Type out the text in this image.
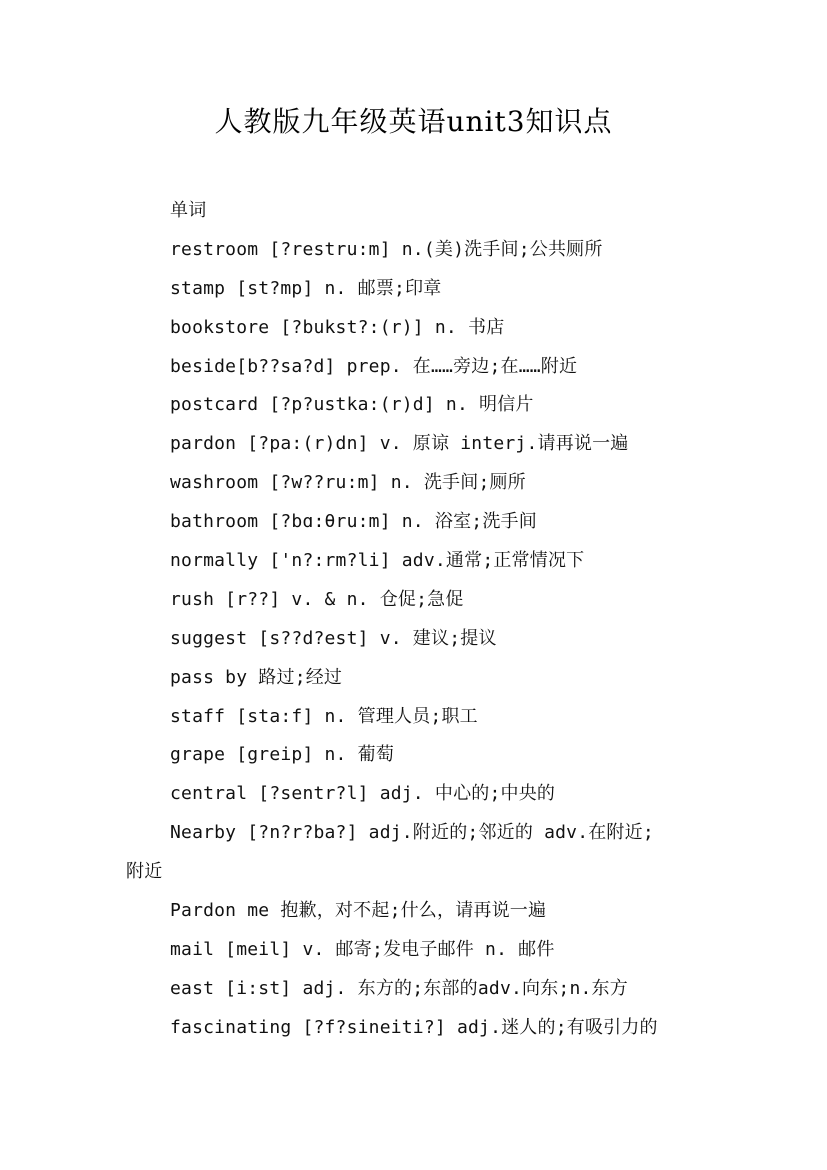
人教版九年级英语unit3知识点
单词
restroom [?restru:m] n.(美)洗手间;公共厕所
stamp [st?mp] n. 邮票;印章
bookstore [?bukst?:(r)] n. 书店
beside[b??sa?d] prep. 在……旁边;在……附近
postcard [?p?ustka:(r)d] n. 明信片
pardon [?pa:(r)dn] v. 原谅 interj.请再说一遍
washroom [?w??ru:m] n. 洗手间;厕所
bathroom [?bɑ:θru:m] n. 浴室;洗手间
normally ['n?:rm?li] adv.通常;正常情况下
rush [r??] v. & n. 仓促;急促
suggest [s??d?est] v. 建议;提议
pass by 路过;经过
staff [sta:f] n. 管理人员;职工
grape [greip] n. 葡萄
central [?sentr?l] adj. 中心的;中央的
Nearby [?n?r?ba?] adj.附近的;邻近的 adv.在附近;
附近
Pardon me 抱歉，对不起;什么，请再说一遍
mail [meil] v. 邮寄;发电子邮件 n. 邮件
east [i:st] adj. 东方的;东部的adv.向东;n.东方
fascinating [?f?sineiti?] adj.迷人的;有吸引力的
